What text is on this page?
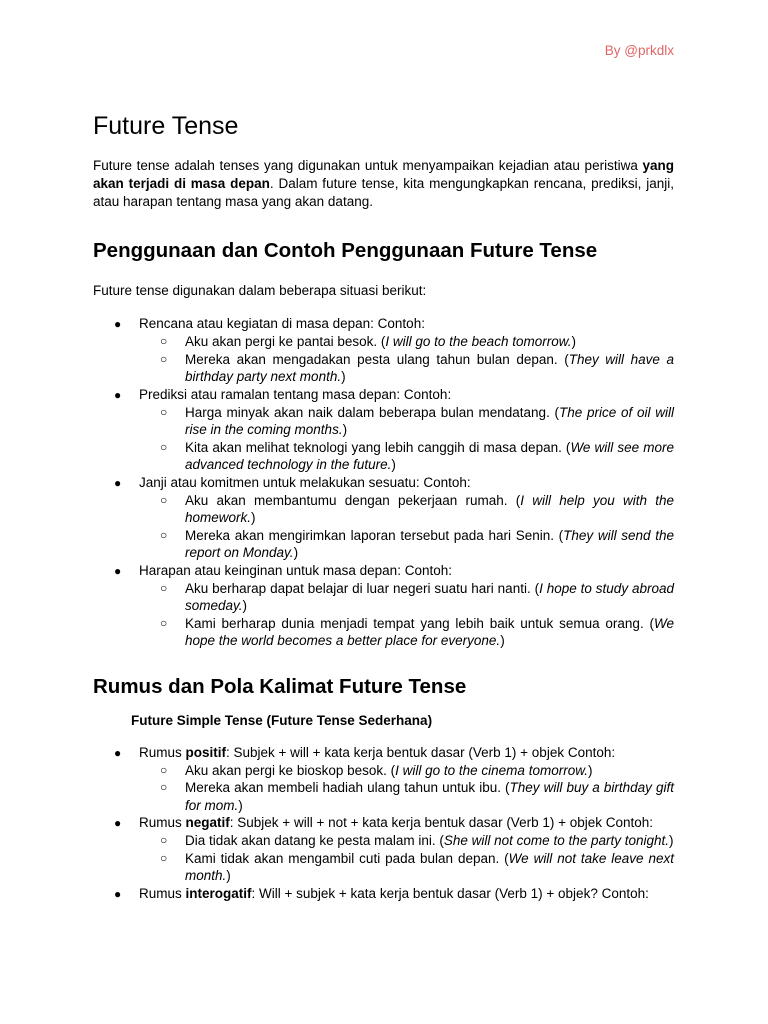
By @prkdlx
Future Tense

Future tense adalah tenses yang digunakan untuk menyampaikan kejadian atau peristiwa yang akan terjadi di masa depan. Dalam future tense, kita mengungkapkan rencana, prediksi, janji, atau harapan tentang masa yang akan datang.

Penggunaan dan Contoh Penggunaan Future Tense

Future tense digunakan dalam beberapa situasi berikut:

● Rencana atau kegiatan di masa depan: Contoh:
○ Aku akan pergi ke pantai besok. (I will go to the beach tomorrow.)
○ Mereka akan mengadakan pesta ulang tahun bulan depan. (They will have a birthday party next month.)
● Prediksi atau ramalan tentang masa depan: Contoh:
○ Harga minyak akan naik dalam beberapa bulan mendatang. (The price of oil will rise in the coming months.)
○ Kita akan melihat teknologi yang lebih canggih di masa depan. (We will see more advanced technology in the future.)
● Janji atau komitmen untuk melakukan sesuatu: Contoh:
○ Aku akan membantumu dengan pekerjaan rumah. (I will help you with the homework.)
○ Mereka akan mengirimkan laporan tersebut pada hari Senin. (They will send the report on Monday.)
● Harapan atau keinginan untuk masa depan: Contoh:
○ Aku berharap dapat belajar di luar negeri suatu hari nanti. (I hope to study abroad someday.)
○ Kami berharap dunia menjadi tempat yang lebih baik untuk semua orang. (We hope the world becomes a better place for everyone.)
Rumus dan Pola Kalimat Future Tense
Future Simple Tense (Future Tense Sederhana)
● Rumus positif: Subjek + will + kata kerja bentuk dasar (Verb 1) + objek Contoh:
○ Aku akan pergi ke bioskop besok. (I will go to the cinema tomorrow.)
○ Mereka akan membeli hadiah ulang tahun untuk ibu. (They will buy a birthday gift for mom.)
● Rumus negatif: Subjek + will + not + kata kerja bentuk dasar (Verb 1) + objek Contoh:
○ Dia tidak akan datang ke pesta malam ini. (She will not come to the party tonight.)
○ Kami tidak akan mengambil cuti pada bulan depan. (We will not take leave next month.)
● Rumus interogatif: Will + subjek + kata kerja bentuk dasar (Verb 1) + objek? Contoh:
